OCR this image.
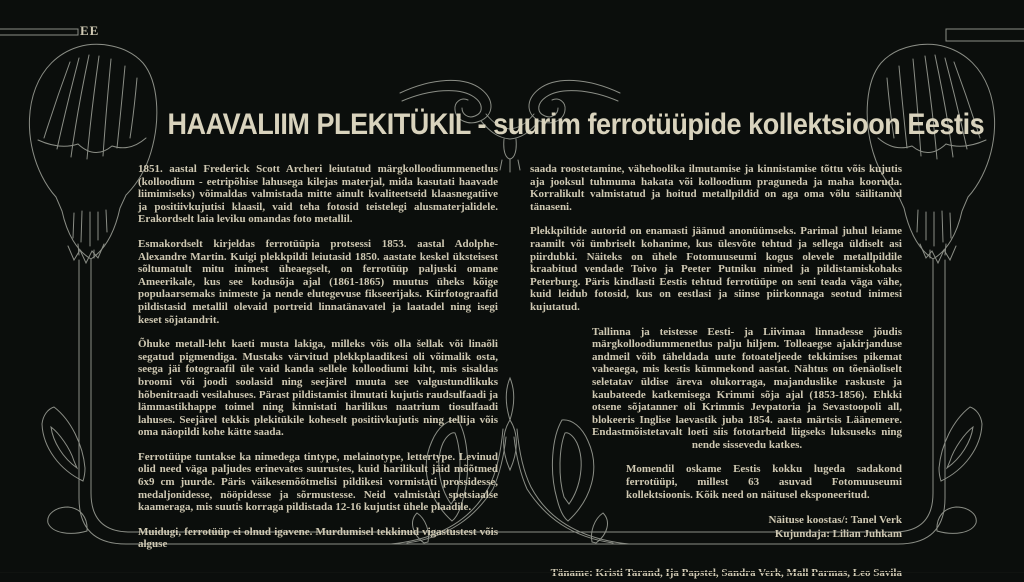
EE
HAAVALIIM PLEKITÜKIL - suurim ferrotüüpide kollektsioon Eestis

1851. aastal Frederick Scott Archeri leiutatud märgkolloodiummenetlus (kolloodium - eetripõhise lahusega kilejas materjal, mida kasutati haavade liimimiseks) võimaldas valmistada mitte ainult kvaliteetseid klaasnegatiive ja positiivkujutisi klaasil, vaid teha fotosid teistelegi alusmaterjalidele. Erakordselt laia leviku omandas foto metallil.

Esmakordselt kirjeldas ferrotüüpia protsessi 1853. aastal Adolphe-Alexandre Martin. Kuigi plekkpildi leiutasid 1850. aastate keskel üksteisest sõltumatult mitu inimest üheaegselt, on ferrotüüp paljuski omane Ameerikale, kus see kodusõja ajal (1861-1865) muutus üheks kõige populaarsemaks inimeste ja nende elutegevuse fikseerijaks. Kiirfotograafid pildistasid metallil olevaid portreid linnatänavatel ja laatadel ning isegi keset sõjatandrit.

Õhuke metall-leht kaeti musta lakiga, milleks võis olla šellak või linaõli segatud pigmendiga. Mustaks värvitud plekkplaadikesi oli võimalik osta, seega jäi fotograafil üle vaid kanda sellele kolloodiumi kiht, mis sisaldas broomi või joodi soolasid ning seejärel muuta see valgustundlikuks hõbenitraadi vesilahuses. Pärast pildistamist ilmutati kujutis raudsulfaadi ja lämmastikhappe toimel ning kinnistati harilikus naatrium tiosulfaadi lahuses. Seejärel tekkis plekitükile koheselt positiivkujutis ning tellija võis oma näopildi kohe kätte saada.

Ferrotüüpe tuntakse ka nimedega tintype, melainotype, lettertype. Levinud olid need väga paljudes erinevates suurustes, kuid harilikult jäid mõõtmed 6x9 cm juurde. Päris väikesemõõtmelisi pildikesi vormistati prossidesse, medaljonidesse, nööpidesse ja sõrmustesse. Neid valmistati spetsiaalse kaameraga, mis suutis korraga pildistada 12-16 kujutist ühele plaadile.

Muidugi, ferrotüüp ei olnud igavene. Murdumisel tekkinud vigastustest võis alguse

saada roostetamine, vähehoolika ilmutamise ja kinnistamise tõttu võis kujutis aja jooksul tuhmuma hakata või kolloodium praguneda ja maha kooruda. Korralikult valmistatud ja hoitud metallpildid on aga oma võlu säilitanud tänaseni.

Plekkpiltide autorid on enamasti jäänud anonüümseks. Parimal juhul leiame raamilt või ümbriselt kohanime, kus ülesvõte tehtud ja sellega üldiselt asi piirdubki. Näiteks on ühele Fotomuuseumi kogus olevele metallpildile kraabitud vendade Toivo ja Peeter Putniku nimed ja pildistamiskohaks Peterburg. Päris kindlasti Eestis tehtud ferrotüüpe on seni teada väga vähe, kuid leidub fotosid, kus on eestlasi ja siinse piirkonnaga seotud inimesi kujutatud.

Tallinna ja teistesse Eesti- ja Liivimaa linnadesse jõudis märgkolloodiummenetlus palju hiljem. Tolleaegse ajakirjanduse andmeil võib täheldada uute fotoateljeede tekkimises pikemat vaheaega, mis kestis kümmekond aastat. Nähtus on tõenäoliselt seletatav üldise äreva olukorraga, majanduslike raskuste ja kaubateede katkemisega Krimmi sõja ajal (1853-1856). Ehkki otsene sõjatanner oli Krimmis Jevpatoria ja Sevastoopoli all, blokeeris Inglise laevastik juba 1854. aasta märtsis Läänemere. Endastmõistetavalt loeti siis fototarbeid liigseks luksuseks ning nende sissevedu katkes.

Momendil oskame Eestis kokku lugeda sadakond ferrotüüpi, millest 63 asuvad Fotomuuseumi kollektsioonis. Kõik need on näitusel eksponeeritud.

Näituse koostas/: Tanel Verk
Kujundaja: Lilian Juhkam
Täname: Kristi Tarand, Ija Papstel, Sandra Verk, Mall Parmas, Leo Savila
